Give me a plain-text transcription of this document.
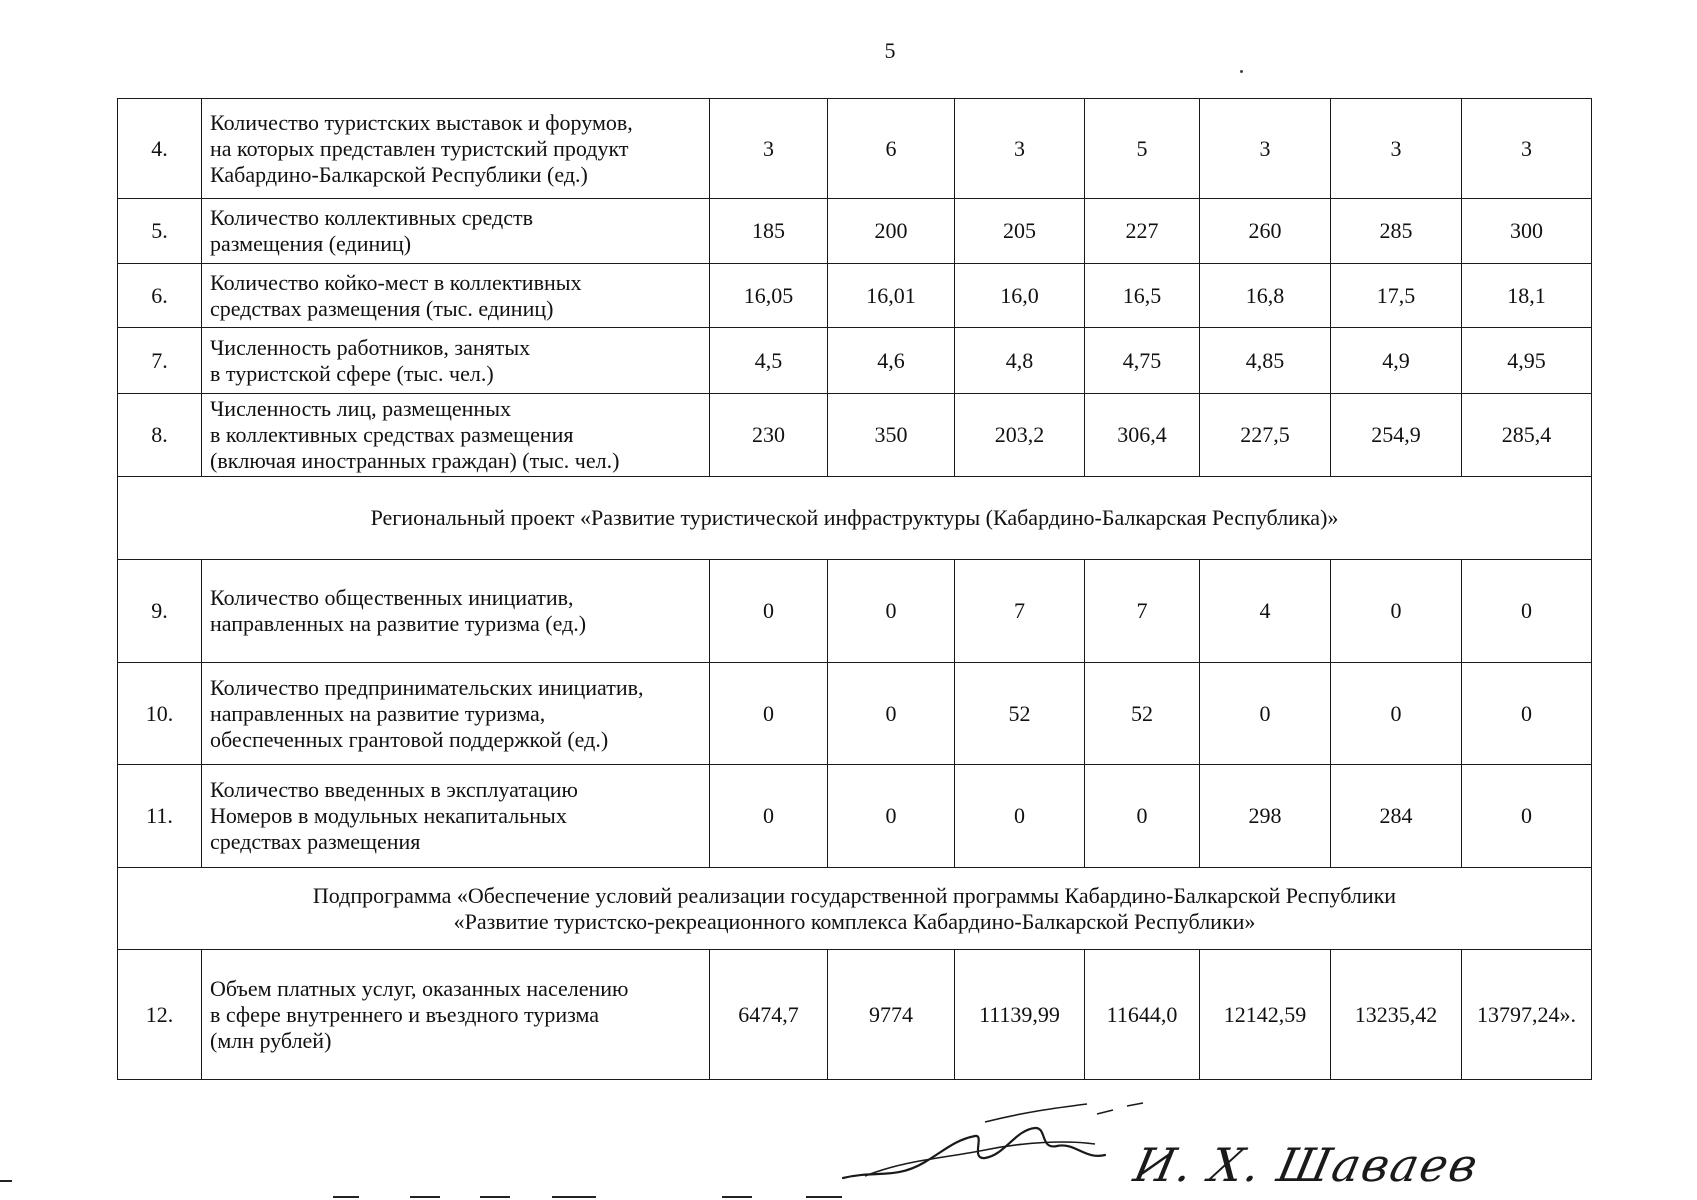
5
4.	Количество туристских выставок и форумов,
на которых представлен туристский продукт
Кабардино-Балкарской Республики (ед.)	3	6	3	5	3	3	3
5.	Количество коллективных средств
размещения (единиц)	185	200	205	227	260	285	300
6.	Количество койко-мест в коллективных
средствах размещения (тыс. единиц)	16,05	16,01	16,0	16,5	16,8	17,5	18,1
7.	Численность работников, занятых
в туристской сфере (тыс. чел.)	4,5	4,6	4,8	4,75	4,85	4,9	4,95
8.	Численность лиц, размещенных
в коллективных средствах размещения
(включая иностранных граждан) (тыс. чел.)	230	350	203,2	306,4	227,5	254,9	285,4
Региональный проект «Развитие туристической инфраструктуры (Кабардино-Балкарская Республика)»								
9.	Количество общественных инициатив,
направленных на развитие туризма (ед.)	0	0	7	7	4	0	0
10.	Количество предпринимательских инициатив,
направленных на развитие туризма,
обеспеченных грантовой поддержкой (ед.)	0	0	52	52	0	0	0
11.	Количество введенных в эксплуатацию
Номеров в модульных некапитальных
средствах размещения	0	0	0	0	298	284	0
Подпрограмма «Обеспечение условий реализации государственной программы Кабардино-Балкарской Республики
«Развитие туристско-рекреационного комплекса Кабардино-Балкарской Республики»								
12.	Объем платных услуг, оказанных населению
в сфере внутреннего и въездного туризма
(млн рублей)	6474,7	9774	11139,99	11644,0	12142,59	13235,42	13797,24».
И. Х. Шаваев
